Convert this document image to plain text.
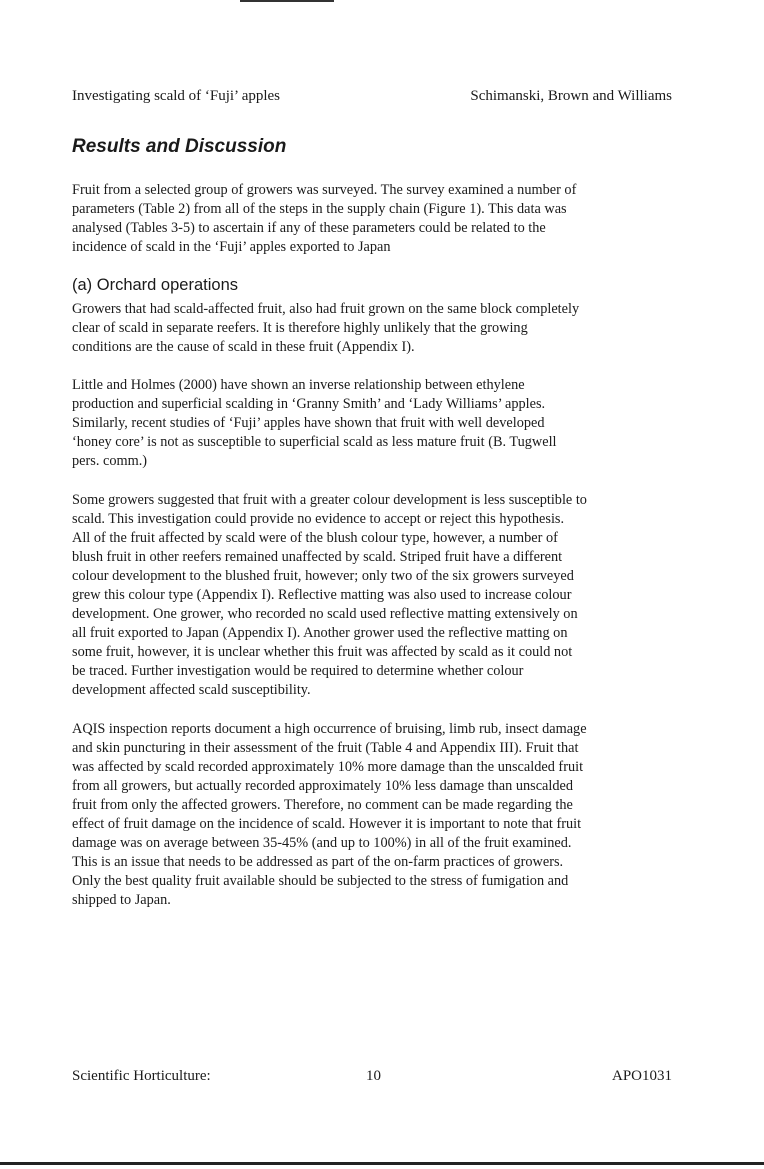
Investigating scald of ‘Fuji’ apples	Schimanski, Brown and Williams
Results and Discussion

Fruit from a selected group of growers was surveyed. The survey examined a number of
parameters (Table 2) from all of the steps in the supply chain (Figure 1). This data was
analysed (Tables 3-5) to ascertain if any of these parameters could be related to the
incidence of scald in the ‘Fuji’ apples exported to Japan

(a) Orchard operations

Growers that had scald-affected fruit, also had fruit grown on the same block completely
clear of scald in separate reefers. It is therefore highly unlikely that the growing
conditions are the cause of scald in these fruit (Appendix I).

Little and Holmes (2000) have shown an inverse relationship between ethylene
production and superficial scalding in ‘Granny Smith’ and ‘Lady Williams’ apples.
Similarly, recent studies of ‘Fuji’ apples have shown that fruit with well developed
‘honey core’ is not as susceptible to superficial scald as less mature fruit (B. Tugwell
pers. comm.)

Some growers suggested that fruit with a greater colour development is less susceptible to
scald. This investigation could provide no evidence to accept or reject this hypothesis.
All of the fruit affected by scald were of the blush colour type, however, a number of
blush fruit in other reefers remained unaffected by scald. Striped fruit have a different
colour development to the blushed fruit, however; only two of the six growers surveyed
grew this colour type (Appendix I). Reflective matting was also used to increase colour
development. One grower, who recorded no scald used reflective matting extensively on
all fruit exported to Japan (Appendix I). Another grower used the reflective matting on
some fruit, however, it is unclear whether this fruit was affected by scald as it could not
be traced. Further investigation would be required to determine whether colour
development affected scald susceptibility.

AQIS inspection reports document a high occurrence of bruising, limb rub, insect damage
and skin puncturing in their assessment of the fruit (Table 4 and Appendix III). Fruit that
was affected by scald recorded approximately 10% more damage than the unscalded fruit
from all growers, but actually recorded approximately 10% less damage than unscalded
fruit from only the affected growers. Therefore, no comment can be made regarding the
effect of fruit damage on the incidence of scald. However it is important to note that fruit
damage was on average between 35-45% (and up to 100%) in all of the fruit examined.
This is an issue that needs to be addressed as part of the on-farm practices of growers.
Only the best quality fruit available should be subjected to the stress of fumigation and
shipped to Japan.

Scientific Horticulture:	10	APO1031
